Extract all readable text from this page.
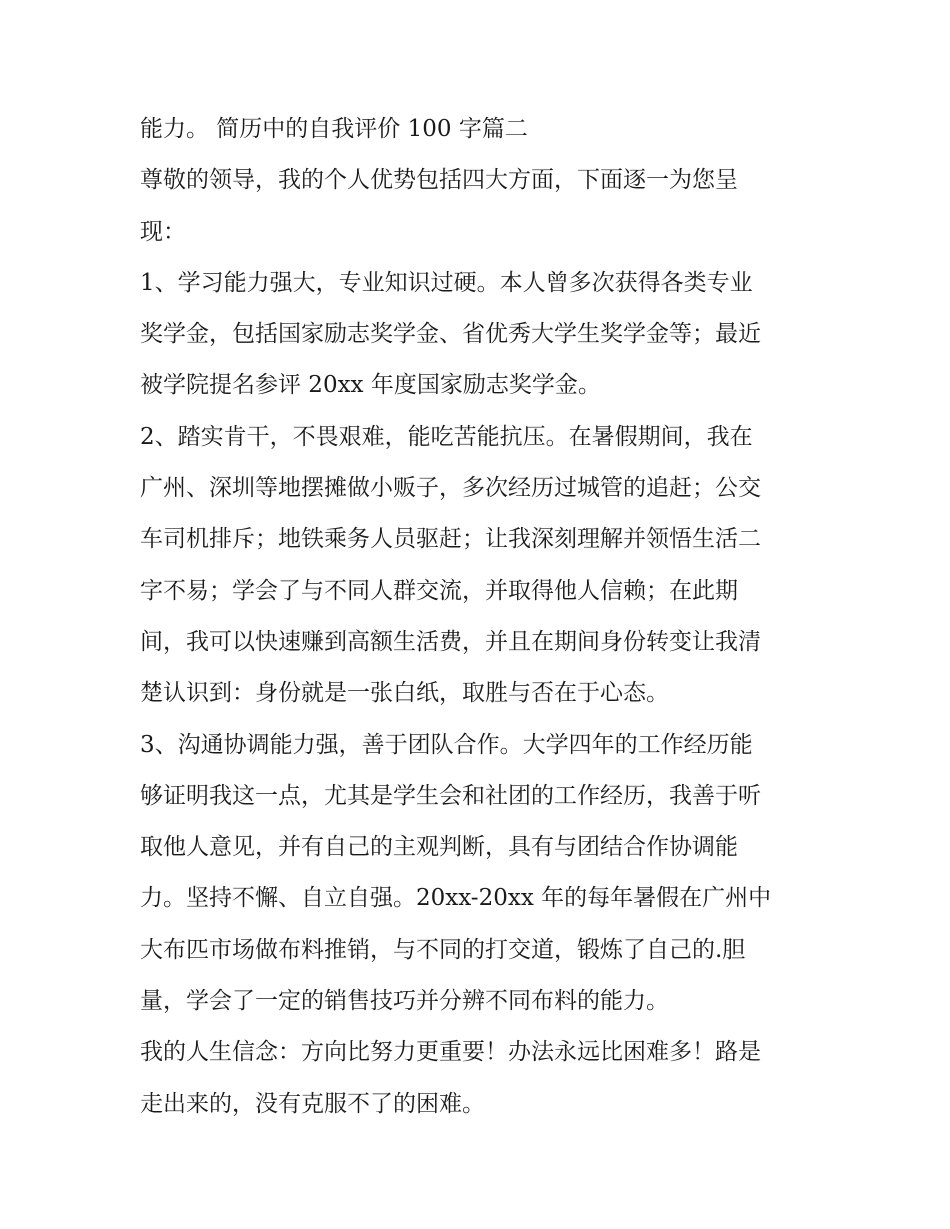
能力。 简历中的自我评价 100 字篇二
尊敬的领导，我的个人优势包括四大方面，下面逐一为您呈
现：
1、学习能力强大，专业知识过硬。本人曾多次获得各类专业
奖学金，包括国家励志奖学金、省优秀大学生奖学金等；最近
被学院提名参评 20xx 年度国家励志奖学金。
2、踏实肯干，不畏艰难，能吃苦能抗压。在暑假期间，我在
广州、深圳等地摆摊做小贩子，多次经历过城管的追赶；公交
车司机排斥；地铁乘务人员驱赶；让我深刻理解并领悟生活二
字不易；学会了与不同人群交流，并取得他人信赖；在此期
间，我可以快速赚到高额生活费，并且在期间身份转变让我清
楚认识到：身份就是一张白纸，取胜与否在于心态。
3、沟通协调能力强，善于团队合作。大学四年的工作经历能
够证明我这一点，尤其是学生会和社团的工作经历，我善于听
取他人意见，并有自己的主观判断，具有与团结合作协调能
力。坚持不懈、自立自强。20xx-20xx 年的每年暑假在广州中
大布匹市场做布料推销，与不同的打交道，锻炼了自己的.胆
量，学会了一定的销售技巧并分辨不同布料的能力。
我的人生信念：方向比努力更重要！办法永远比困难多！路是
走出来的，没有克服不了的困难。
